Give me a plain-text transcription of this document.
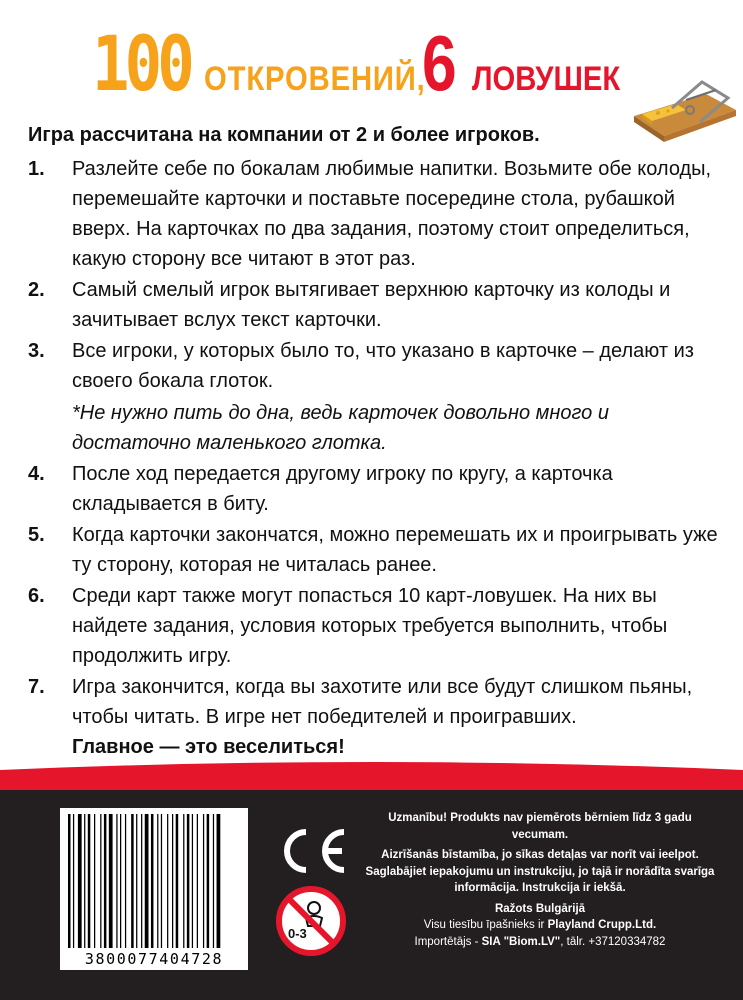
100 ОТКРОВЕНИЙ,
6 ЛОВУШЕК
Игра рассчитана на компании от 2 и более игроков.
1.	Разлейте себе по бокалам любимые напитки. Возьмите обе колоды, перемешайте карточки и поставьте посередине стола, рубашкой вверх. На карточках по два задания, поэтому стоит определиться, какую сторону все читают в этот раз.
2.	Самый смелый игрок вытягивает верхнюю карточку из колоды и зачитывает вслух текст карточки.
3.	Все игроки, у которых было то, что указано в карточке – делают из своего бокала глоток.
*Не нужно пить до дна, ведь карточек довольно много и достаточно маленького глотка.
4.	После ход передается другому игроку по кругу, а карточка складывается в биту.
5.	Когда карточки закончатся, можно перемешать их и проигрывать уже ту сторону, которая не читалась ранее.
6.	Среди карт также могут попасться 10 карт-ловушек. На них вы найдете задания, условия которых требуется выполнить, чтобы продолжить игру.
7.	Игра закончится, когда вы захотите или все будут слишком пьяны, чтобы читать. В игре нет победителей и проигравших.
Главное — это веселиться!
3800077404728
CE
0-3
Uzmanību! Produkts nav piemērots bērniem līdz 3 gadu vecumam.
Aizrīšanās bīstamība, jo sīkas detaļas var norīt vai ieelpot.
Saglabājiet iepakojumu un instrukciju, jo tajā ir norādīta svarīga informācija. Instrukcija ir iekšā.
Ražots Bulgārijā
Visu tiesību īpašnieks ir Playland Crupp.Ltd.
Importētājs - SIA "Biom.LV", tālr. +37120334782
